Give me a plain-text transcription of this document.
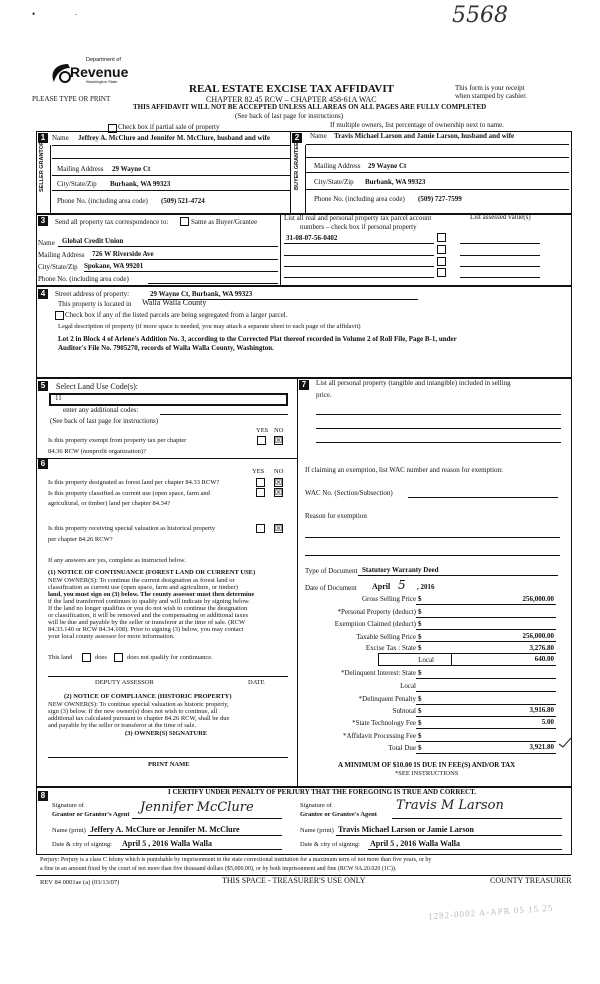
•	-	5568
Department of
Revenue
Washington State
PLEASE TYPE OR PRINT
REAL ESTATE EXCISE TAX AFFIDAVIT
CHAPTER 82.45 RCW – CHAPTER 458-61A WAC
THIS AFFIDAVIT WILL NOT BE ACCEPTED UNLESS ALL AREAS ON ALL PAGES ARE FULLY COMPLETED
(See back of last page for instructions)
This form is your receipt
when stamped by cashier.
Check box if partial sale of property	If multiple owners, list percentage of ownership next to name.
1	2
SELLER GRANTOR
Name Jeffrey A. McClure and Jennifer M. McClure, husband and wife
Mailing Address 29 Wayne Ct
City/State/Zip Burbank, WA 99323
Phone No. (including area code) (509) 521-4724
BUYER GRANTEE
Name Travis Michael Larson and Jamie Larson, husband and wife
Mailing Address 29 Wayne Ct
City/State/Zip Burbank, WA 99323
Phone No. (including area code) (509) 727-7599
3	Send all property tax correspondence to:	Same as Buyer/Grantee
Name Global Credit Union
Mailing Address 726 W Riverside Ave
City/State/Zip Spokane, WA 99201
Phone No. (including area code)
List all real and personal property tax parcel account
numbers – check box if personal property
List assessed value(s)
31-08-07-56-0402
4	Street address of property:	29 Wayne Ct, Burbank, WA 99323
This property is located in Walla Walla County
Check box if any of the listed parcels are being segregated from a larger parcel.
Legal description of property (if more space is needed, you may attach a separate sheet to each page of the affidavit)
Lot 2 in Block 4 of Arlene's Addition No. 3, according to the Corrected Plat thereof recorded in Volume 2 of Roll File, Page B-1, under
Auditor's File No. 7905270, records of Walla Walla County, Washington.
5	Select Land Use Code(s):
11
enter any additional codes:
(See back of last page for instructions)
YES NO
Is this property exempt from property tax per chapter
84.36 RCW (nonprofit organization)?
☒
6
YES NO
Is this property designated as forest land per chapter 84.33 RCW?	☒
Is this property classified as current use (open space, farm and
agricultural, or timber) land per chapter 84.34?
☒
Is this property receiving special valuation as historical property
per chapter 84.26 RCW?
☒
If any answers are yes, complete as instructed below.
(1) NOTICE OF CONTINUANCE (FOREST LAND OR CURRENT USE)
NEW OWNER(S): To continue the current designation as forest land or
classification as current use (open space, farm and agriculture, or timber)
land, you must sign on (3) below. The county assessor must then determine
if the land transferred continues to qualify and will indicate by signing below.
If the land no longer qualifies or you do not wish to continue the designation
or classification, it will be removed and the compensating or additional taxes
will be due and payable by the seller or transferor at the time of sale. (RCW
84.33.140 or RCW 84.34.108). Prior to signing (3) below, you may contact
your local county assessor for more information.
This land	does	does not qualify for continuance.
DEPUTY ASSESSOR	DATE
(2) NOTICE OF COMPLIANCE (HISTORIC PROPERTY)
NEW OWNER(S): To continue special valuation as historic property,
sign (3) below. If the new owner(s) does not wish to continue, all
additional tax calculated pursuant to chapter 84.26 RCW, shall be due
and payable by the seller or transferor at the time of sale.
(3) OWNER(S) SIGNATURE
PRINT NAME
7	List all personal property (tangible and intangible) included in selling
price.
If claiming an exemption, list WAC number and reason for exemption:
WAC No. (Section/Subsection)
Reason for exemption
Type of Document Statutory Warranty Deed
Date of Document April 5 , 2016
Gross Selling Price $	256,000.00
*Personal Property (deduct) $
Exemption Claimed (deduct) $
Taxable Selling Price $	256,000.00
Excise Tax : State $	3,276.80
Local	640.00
*Delinquent Interest: State $
Local
*Delinquent Penalty $
Subtotal $	3,916.80
*State Technology Fee $	5.00
*Affidavit Processing Fee $
Total Due $	3,921.80
A MINIMUM OF $10.00 IS DUE IN FEE(S) AND/OR TAX
*SEE INSTRUCTIONS
8	I CERTIFY UNDER PENALTY OF PERJURY THAT THE FOREGOING IS TRUE AND CORRECT.
Signature of
Grantor or Grantor's Agent Jennifer McClure
Name (print) Jeffery A. McClure or Jennifer M. McClure
Date & city of signing: April 5 , 2016 Walla Walla
Signature of
Grantee or Grantee's Agent
Travis M Larson
Name (print) Travis Michael Larson or Jamie Larson
Date & city of signing: April 5 , 2016 Walla Walla
Perjury: Perjury is a class C felony which is punishable by imprisonment in the state correctional institution for a maximum term of not more than five years, or by
a fine in an amount fixed by the court of not more than five thousand dollars ($5,000.00), or by both imprisonment and fine (RCW 9A.20.020 (1C)).
REV 84 0001ae (a) (03/13/07)	THIS SPACE - TREASURER'S USE ONLY	COUNTY TREASURER
1282-0002 A-APR 05 15 25
